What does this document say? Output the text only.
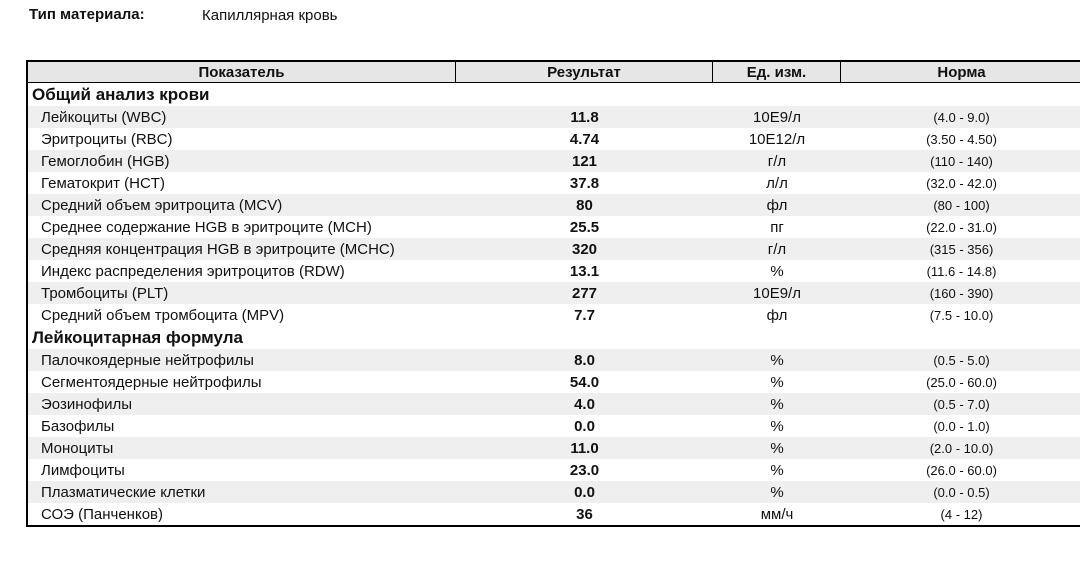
Тип материала:	Капиллярная кровь
Показатель	Результат	Ед. изм.	Норма
Общий анализ крови
Лейкоциты (WBC)	11.8	10E9/л	(4.0 - 9.0)
Эритроциты (RBC)	4.74	10E12/л	(3.50 - 4.50)
Гемоглобин (HGB)	121	г/л	(110 - 140)
Гематокрит (HCT)	37.8	л/л	(32.0 - 42.0)
Средний объем эритроцита (MCV)	80	фл	(80 - 100)
Среднее содержание HGB в эритроците (MCH)	25.5	пг	(22.0 - 31.0)
Средняя концентрация HGB в эритроците (MCHC)	320	г/л	(315 - 356)
Индекс распределения эритроцитов (RDW)	13.1	%	(11.6 - 14.8)
Тромбоциты (PLT)	277	10E9/л	(160 - 390)
Средний объем тромбоцита (MPV)	7.7	фл	(7.5 - 10.0)
Лейкоцитарная формула
Палочкоядерные нейтрофилы	8.0	%	(0.5 - 5.0)
Сегментоядерные нейтрофилы	54.0	%	(25.0 - 60.0)
Эозинофилы	4.0	%	(0.5 - 7.0)
Базофилы	0.0	%	(0.0 - 1.0)
Моноциты	11.0	%	(2.0 - 10.0)
Лимфоциты	23.0	%	(26.0 - 60.0)
Плазматические клетки	0.0	%	(0.0 - 0.5)
СОЭ (Панченков)	36	мм/ч	(4 - 12)
